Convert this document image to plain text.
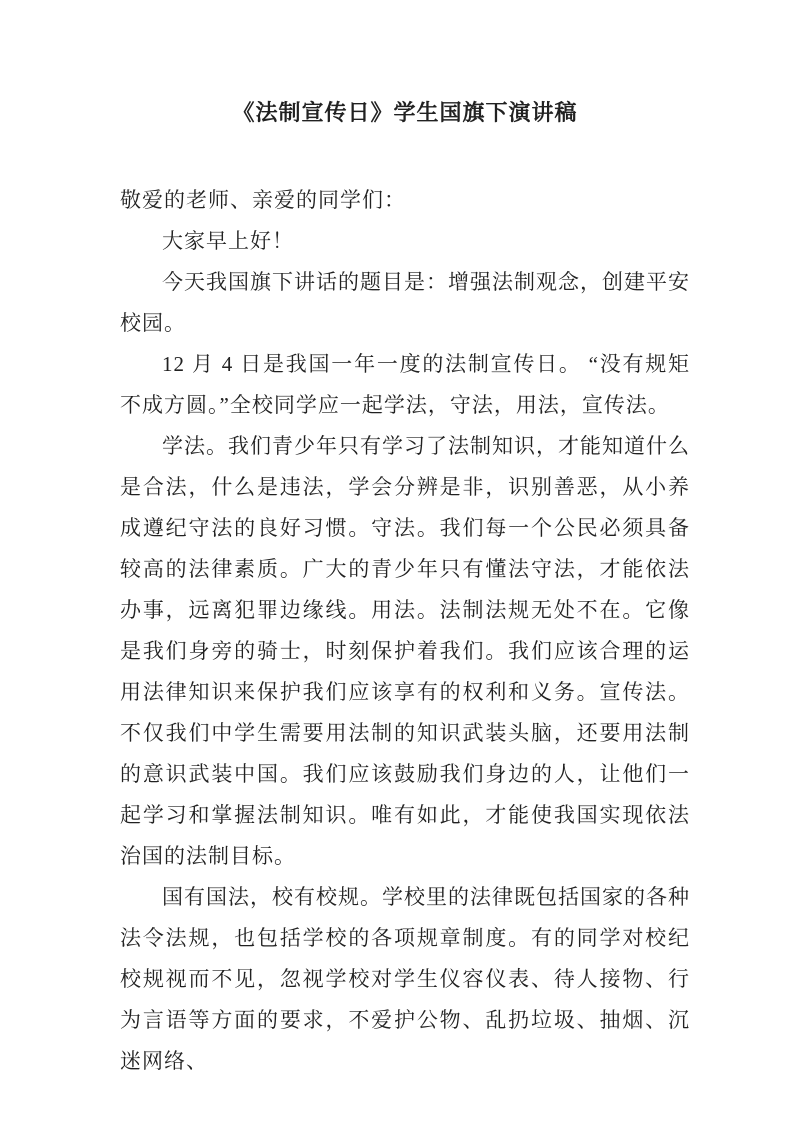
《法制宣传日》学生国旗下演讲稿

敬爱的老师、亲爱的同学们：

大家早上好！

今天我国旗下讲话的题目是：增强法制观念，创建平安校园。

12 月 4 日是我国一年一度的法制宣传日。 “没有规矩不成方圆。”全校同学应一起学法，守法，用法，宣传法。

学法。我们青少年只有学习了法制知识，才能知道什么是合法，什么是违法，学会分辨是非，识别善恶，从小养成遵纪守法的良好习惯。守法。我们每一个公民必须具备较高的法律素质。广大的青少年只有懂法守法，才能依法办事，远离犯罪边缘线。用法。法制法规无处不在。它像是我们身旁的骑士，时刻保护着我们。我们应该合理的运用法律知识来保护我们应该享有的权利和义务。宣传法。不仅我们中学生需要用法制的知识武装头脑，还要用法制的意识武装中国。我们应该鼓励我们身边的人，让他们一起学习和掌握法制知识。唯有如此，才能使我国实现依法治国的法制目标。

国有国法，校有校规。学校里的法律既包括国家的各种法令法规，也包括学校的各项规章制度。有的同学对校纪校规视而不见，忽视学校对学生仪容仪表、待人接物、行为言语等方面的要求，不爱护公物、乱扔垃圾、抽烟、沉迷网络、
